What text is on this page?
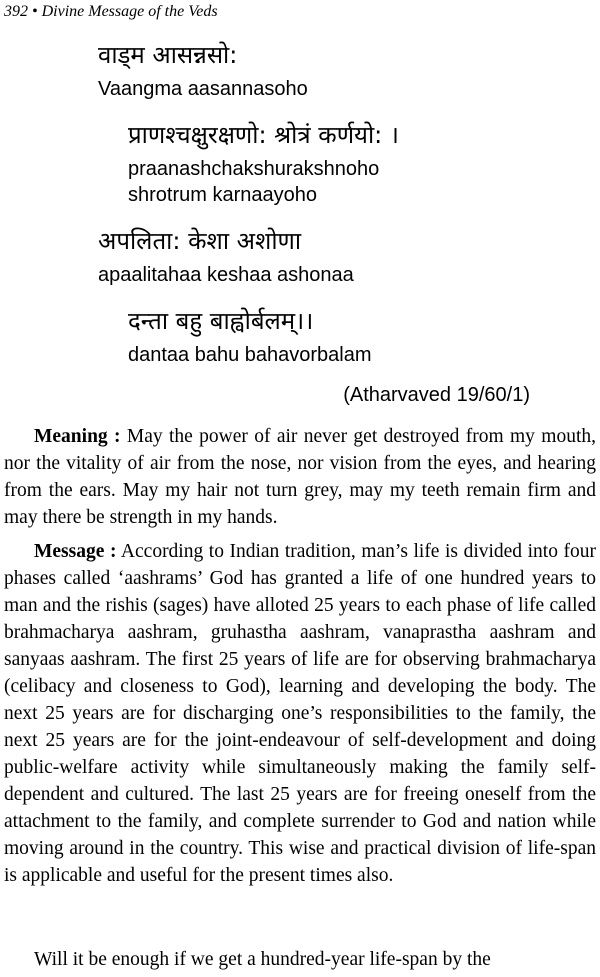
392 • Divine Message of the Veds
वाड्म आसन्नसो:
Vaangma aasannasoho
प्राणश्चक्षुरक्षणो: श्रोत्रं कर्णयो: ।
praanashchakshurakshnoho
shrotrum karnaayoho
अपलिता: केशा अशोणा
apaalitahaa keshaa ashonaa
दन्ता बहु बाह्वोर्बलम्।।
dantaa bahu bahavorbalam
(Atharvaved 19/60/1)

Meaning : May the power of air never get destroyed from my mouth, nor the vitality of air from the nose, nor vision from the eyes, and hearing from the ears. May my hair not turn grey, may my teeth remain firm and may there be strength in my hands.

Message : According to Indian tradition, man’s life is divided into four phases called ‘aashrams’ God has granted a life of one hundred years to man and the rishis (sages) have alloted 25 years to each phase of life called brahmacharya aashram, gruhastha aashram, vanaprastha aashram and sanyaas aashram. The first 25 years of life are for observing brahmacharya (celibacy and closeness to God), learning and developing the body. The next 25 years are for discharging one’s responsibilities to the family, the next 25 years are for the joint-endeavour of self-development and doing public-welfare activity while simultaneously making the family self-dependent and cultured. The last 25 years are for freeing oneself from the attachment to the family, and complete surrender to God and nation while moving around in the country. This wise and practical division of life-span is applicable and useful for the present times also.

Will it be enough if we get a hundred-year life-span by the
